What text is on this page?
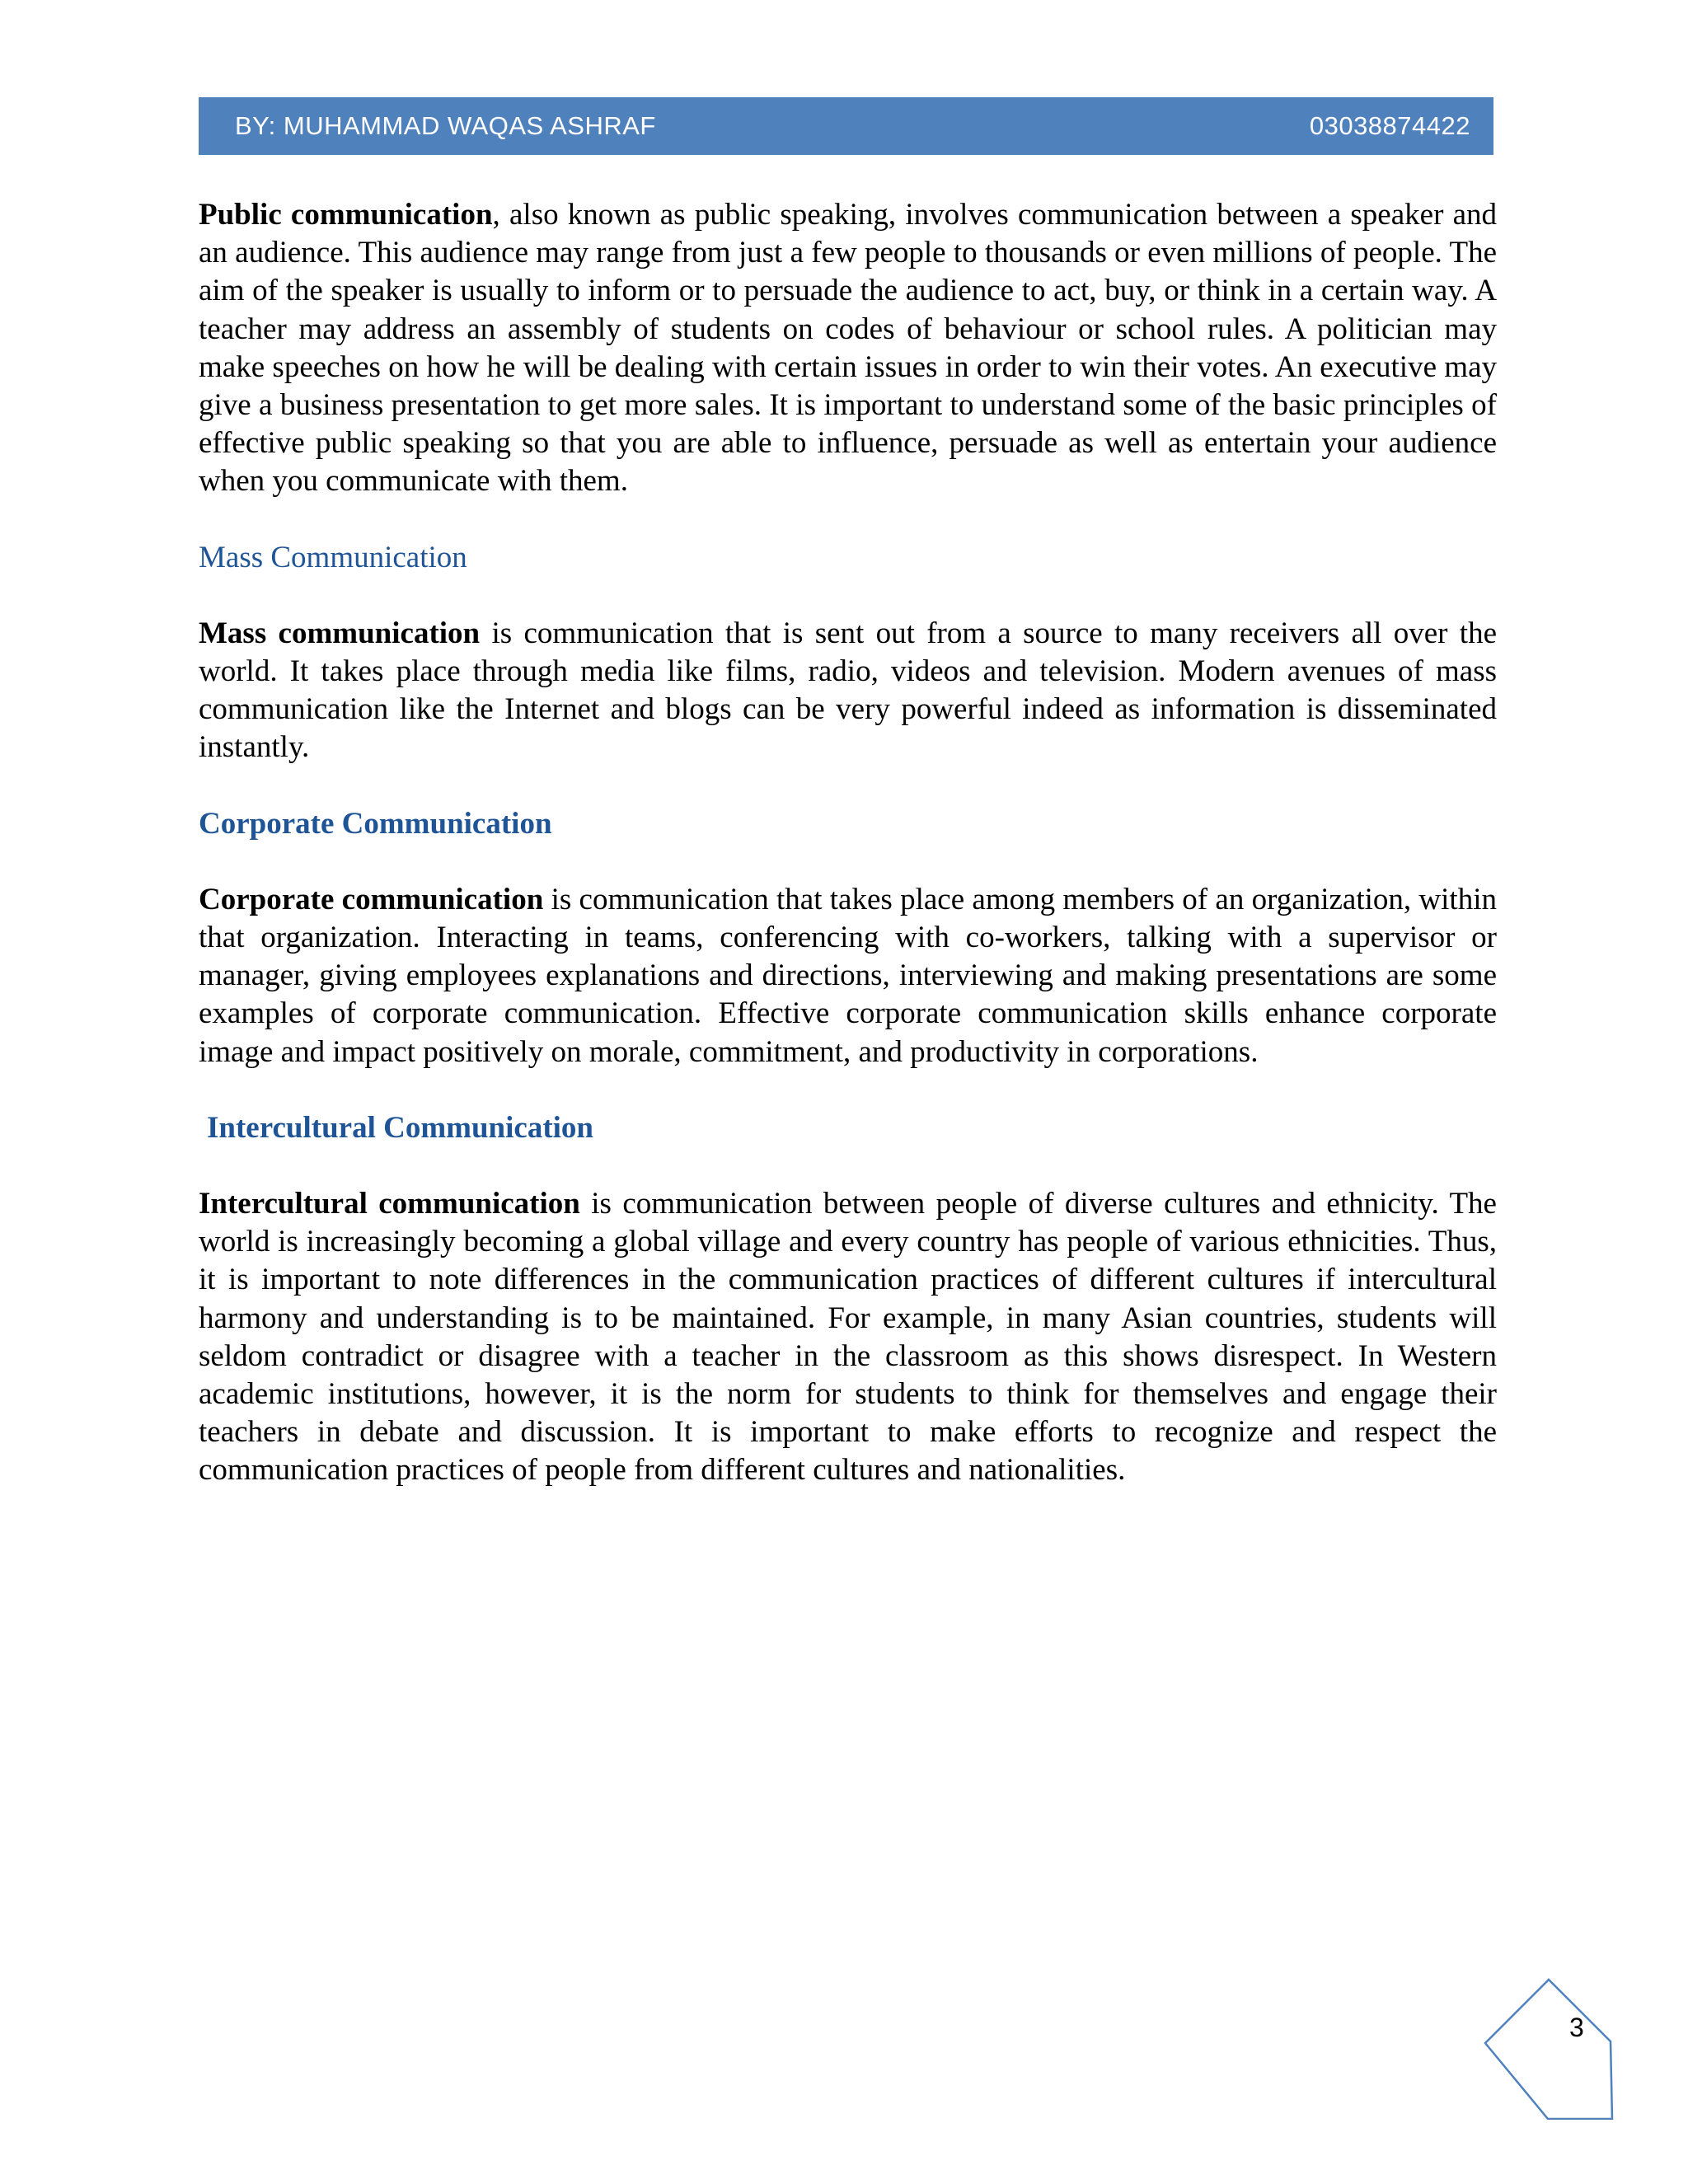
BY: MUHAMMAD WAQAS ASHRAF	03038874422

Public communication, also known as public speaking, involves communication between a speaker and an audience. This audience may range from just a few people to thousands or even millions of people. The aim of the speaker is usually to inform or to persuade the audience to act, buy, or think in a certain way. A teacher may address an assembly of students on codes of behaviour or school rules. A politician may make speeches on how he will be dealing with certain issues in order to win their votes. An executive may give a business presentation to get more sales. It is important to understand some of the basic principles of effective public speaking so that you are able to influence, persuade as well as entertain your audience when you communicate with them.

Mass Communication

Mass communication is communication that is sent out from a source to many receivers all over the world. It takes place through media like films, radio, videos and television. Modern avenues of mass communication like the Internet and blogs can be very powerful indeed as information is disseminated instantly.

Corporate Communication

Corporate communication is communication that takes place among members of an organization, within that organization. Interacting in teams, conferencing with co-workers, talking with a supervisor or manager, giving employees explanations and directions, interviewing and making presentations are some examples of corporate communication. Effective corporate communication skills enhance corporate image and impact positively on morale, commitment, and productivity in corporations.

Intercultural Communication

Intercultural communication is communication between people of diverse cultures and ethnicity. The world is increasingly becoming a global village and every country has people of various ethnicities. Thus, it is important to note differences in the communication practices of different cultures if intercultural harmony and understanding is to be maintained. For example, in many Asian countries, students will seldom contradict or disagree with a teacher in the classroom as this shows disrespect. In Western academic institutions, however, it is the norm for students to think for themselves and engage their teachers in debate and discussion. It is important to make efforts to recognize and respect the communication practices of people from different cultures and nationalities.

3
